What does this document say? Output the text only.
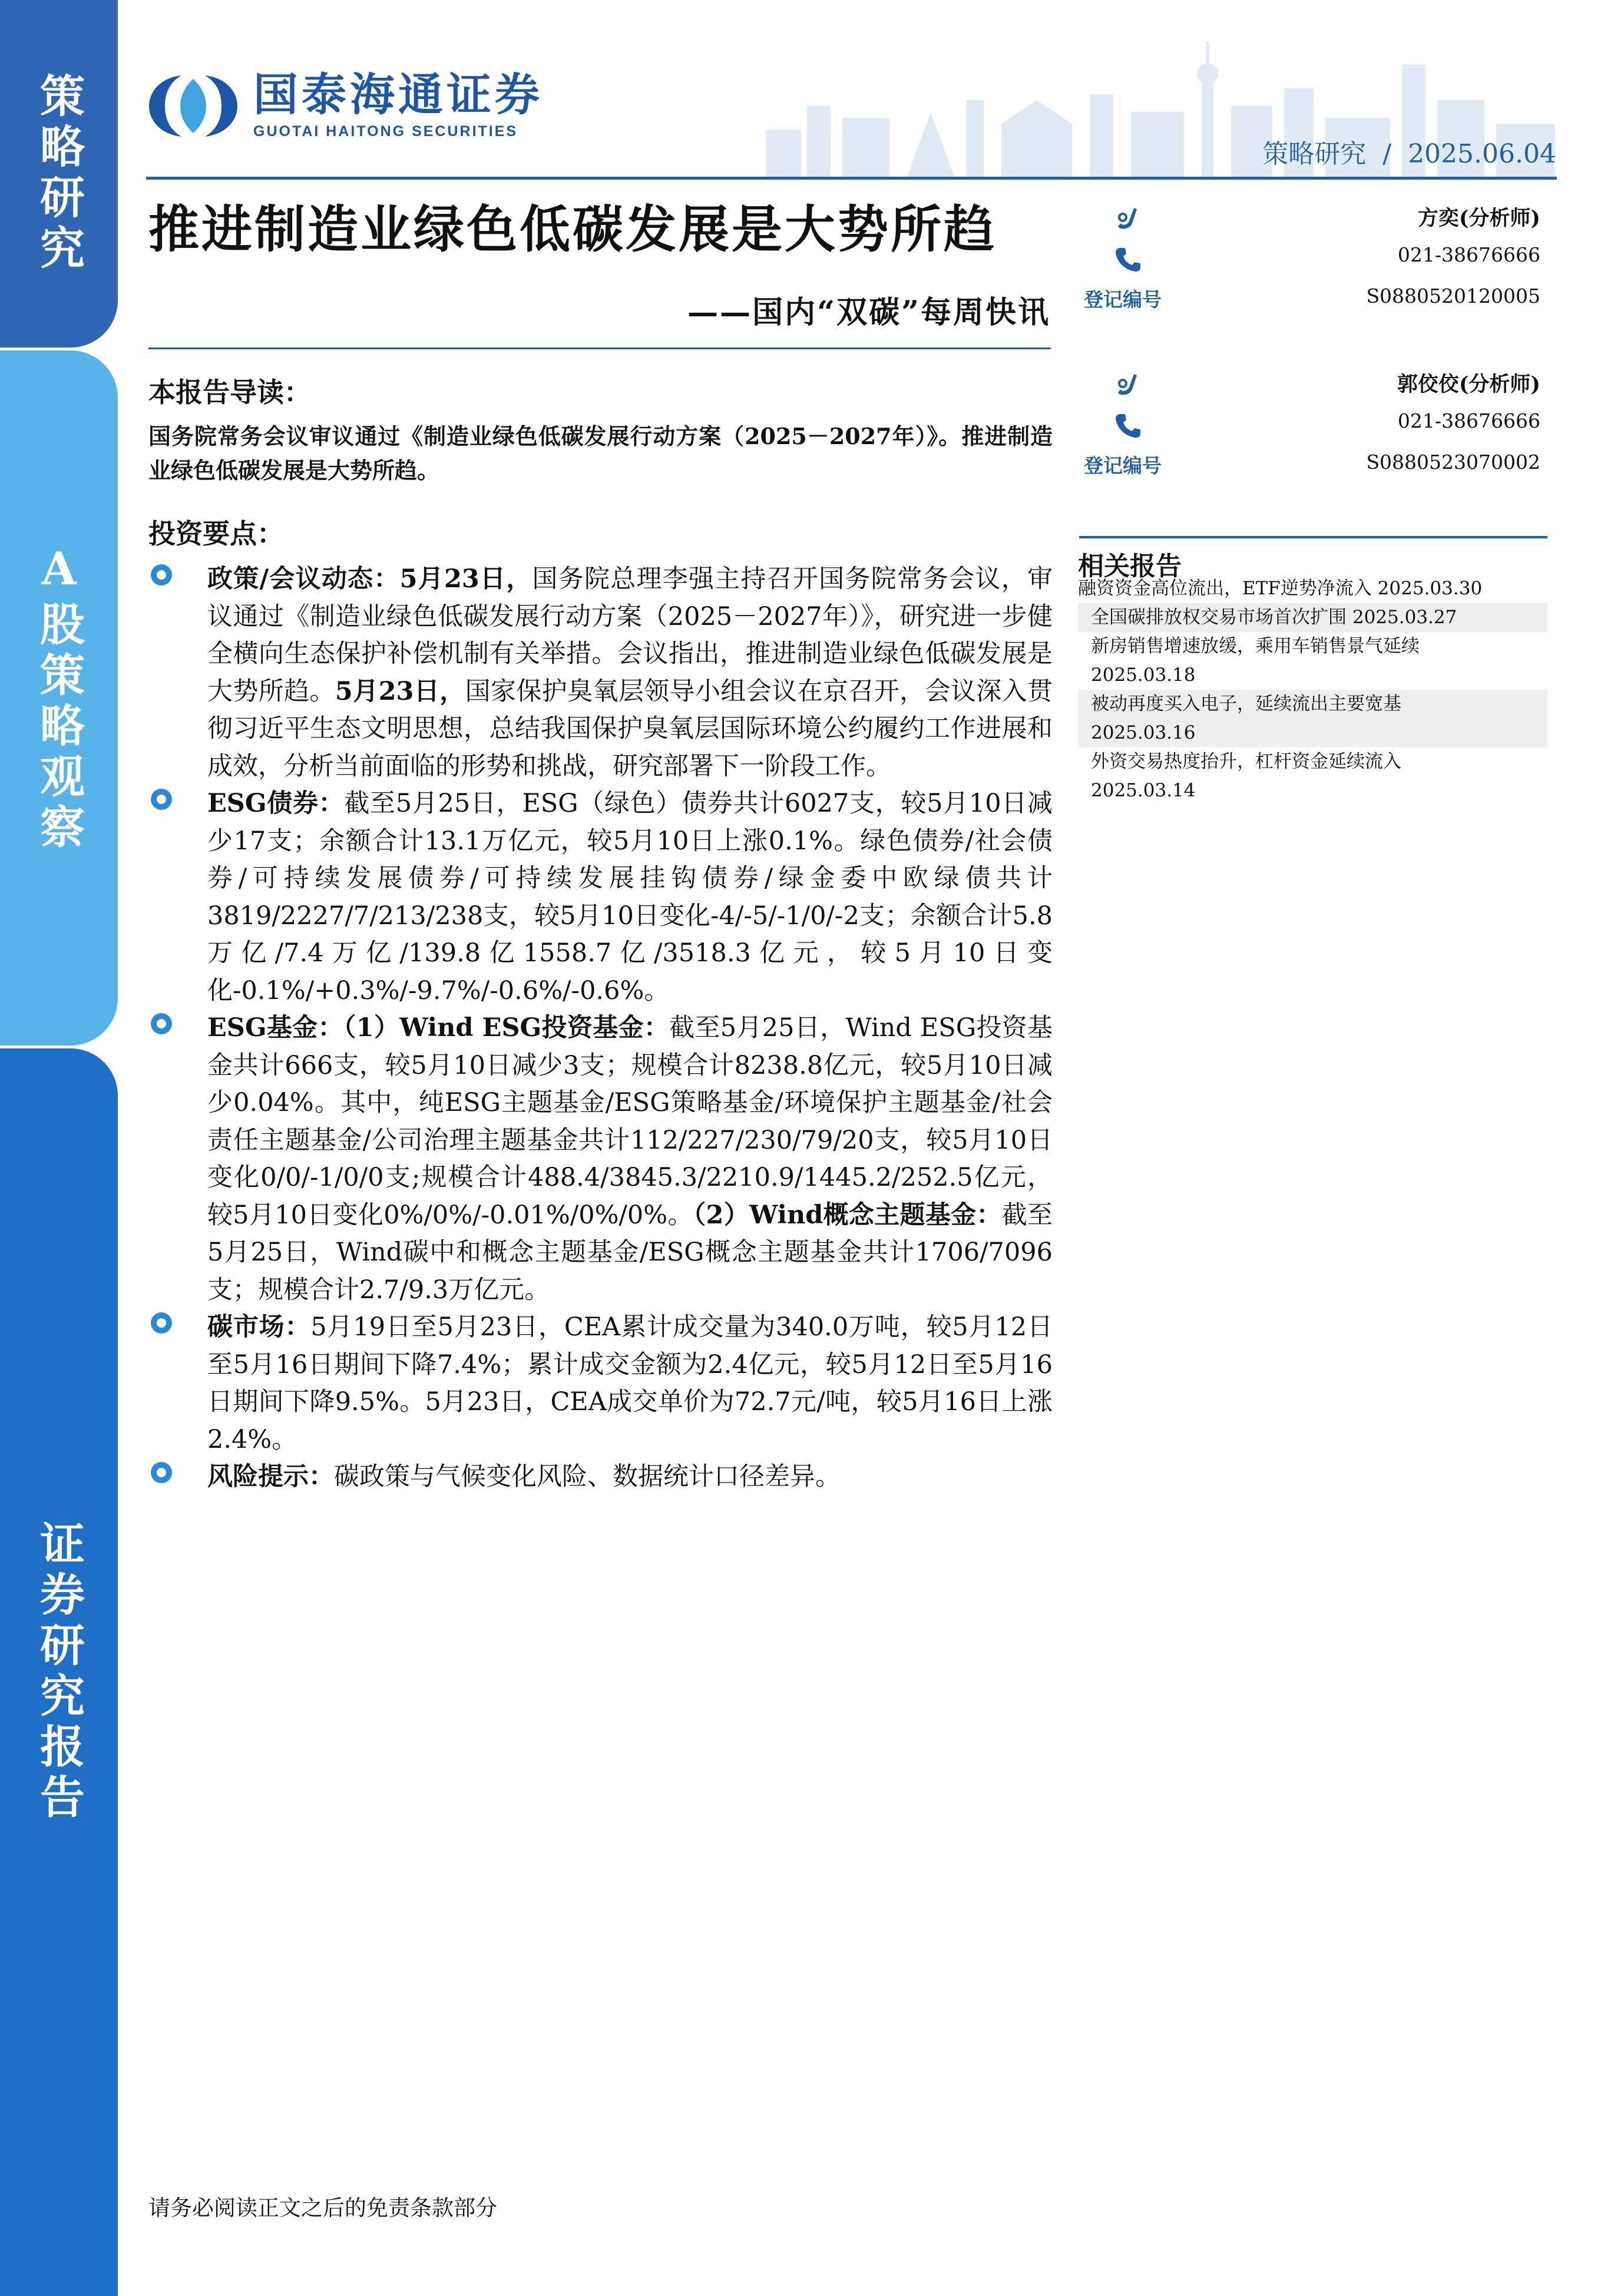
策略研究
A股策略观察
证券研究报告
国泰海通证券
GUOTAI HAITONG SECURITIES
策略研究 / 2025.06.04
推进制造业绿色低碳发展是大势所趋
——国内“双碳”每周快讯
本报告导读：
国务院常务会议审议通过《制造业绿色低碳发展行动方案（2025－2027年）》。推进制造业绿色低碳发展是大势所趋。
投资要点：
政策/会议动态：5月23日，国务院总理李强主持召开国务院常务会议，审议通过《制造业绿色低碳发展行动方案（2025－2027年）》，研究进一步健全横向生态保护补偿机制有关举措。会议指出，推进制造业绿色低碳发展是大势所趋。5月23日，国家保护臭氧层领导小组会议在京召开，会议深入贯彻习近平生态文明思想，总结我国保护臭氧层国际环境公约履约工作进展和成效，分析当前面临的形势和挑战，研究部署下一阶段工作。
ESG债券：截至5月25日，ESG（绿色）债券共计6027支，较5月10日减少17支；余额合计13.1万亿元，较5月10日上涨0.1%。绿色债券/社会债券/可持续发展债券/可持续发展挂钩债券/绿金委中欧绿债共计3819/2227/7/213/238支，较5月10日变化-4/-5/-1/0/-2支；余额合计5.8万亿/7.4万亿/139.8亿1558.7亿/3518.3亿元，较5月10日变化-0.1%/+0.3%/-9.7%/-0.6%/-0.6%。
ESG基金：（1）Wind ESG投资基金：截至5月25日，Wind ESG投资基金共计666支，较5月10日减少3支；规模合计8238.8亿元，较5月10日减少0.04%。其中，纯ESG主题基金/ESG策略基金/环境保护主题基金/社会责任主题基金/公司治理主题基金共计112/227/230/79/20支，较5月10日变化0/0/-1/0/0支;规模合计488.4/3845.3/2210.9/1445.2/252.5亿元，较5月10日变化0%/0%/-0.01%/0%/0%。（2）Wind概念主题基金：截至5月25日，Wind碳中和概念主题基金/ESG概念主题基金共计1706/7096支；规模合计2.7/9.3万亿元。
碳市场：5月19日至5月23日，CEA累计成交量为340.0万吨，较5月12日至5月16日期间下降7.4%；累计成交金额为2.4亿元，较5月12日至5月16日期间下降9.5%。5月23日，CEA成交单价为72.7元/吨，较5月16日上涨2.4%。
风险提示：碳政策与气候变化风险、数据统计口径差异。
方奕(分析师)
021-38676666
登记编号	S0880520120005
郭佼佼(分析师)
021-38676666
登记编号	S0880523070002
相关报告
融资资金高位流出，ETF逆势净流入 2025.03.30
全国碳排放权交易市场首次扩围 2025.03.27
新房销售增速放缓，乘用车销售景气延续
2025.03.18
被动再度买入电子，延续流出主要宽基
2025.03.16
外资交易热度抬升，杠杆资金延续流入
2025.03.14
请务必阅读正文之后的免责条款部分
